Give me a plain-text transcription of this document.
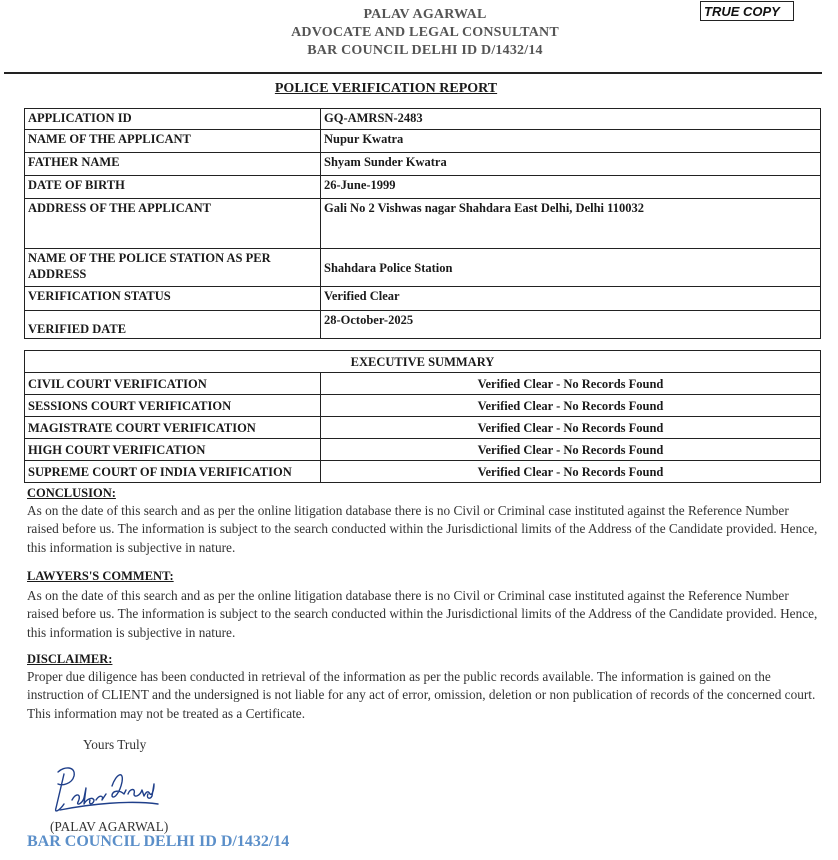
PALAV AGARWAL
ADVOCATE AND LEGAL CONSULTANT
BAR COUNCIL DELHI ID D/1432/14
TRUE COPY
POLICE VERIFICATION REPORT
APPLICATION ID	GQ-AMRSN-2483
NAME OF THE APPLICANT	Nupur Kwatra
FATHER NAME	Shyam Sunder Kwatra
DATE OF BIRTH	26-June-1999
ADDRESS OF THE APPLICANT	Gali No 2 Vishwas nagar Shahdara East Delhi, Delhi 110032
NAME OF THE POLICE STATION AS PER ADDRESS	Shahdara Police Station
VERIFICATION STATUS	Verified Clear
VERIFIED DATE	28-October-2025
EXECUTIVE SUMMARY	
CIVIL COURT VERIFICATION	Verified Clear - No Records Found
SESSIONS COURT VERIFICATION	Verified Clear - No Records Found
MAGISTRATE COURT VERIFICATION	Verified Clear - No Records Found
HIGH COURT VERIFICATION	Verified Clear - No Records Found
SUPREME COURT OF INDIA VERIFICATION	Verified Clear - No Records Found
CONCLUSION:
As on the date of this search and as per the online litigation database there is no Civil or Criminal case instituted against the Reference Number raised before us. The information is subject to the search conducted within the Jurisdictional limits of the Address of the Candidate provided. Hence, this information is subjective in nature.
LAWYERS'S COMMENT:
As on the date of this search and as per the online litigation database there is no Civil or Criminal case instituted against the Reference Number raised before us. The information is subject to the search conducted within the Jurisdictional limits of the Address of the Candidate provided. Hence, this information is subjective in nature.
DISCLAIMER:
Proper due diligence has been conducted in retrieval of the information as per the public records available. The information is gained on the instruction of CLIENT and the undersigned is not liable for any act of error, omission, deletion or non publication of records of the concerned court. This information may not be treated as a Certificate.
Yours Truly
(PALAV AGARWAL)
BAR COUNCIL DELHI ID D/1432/14
